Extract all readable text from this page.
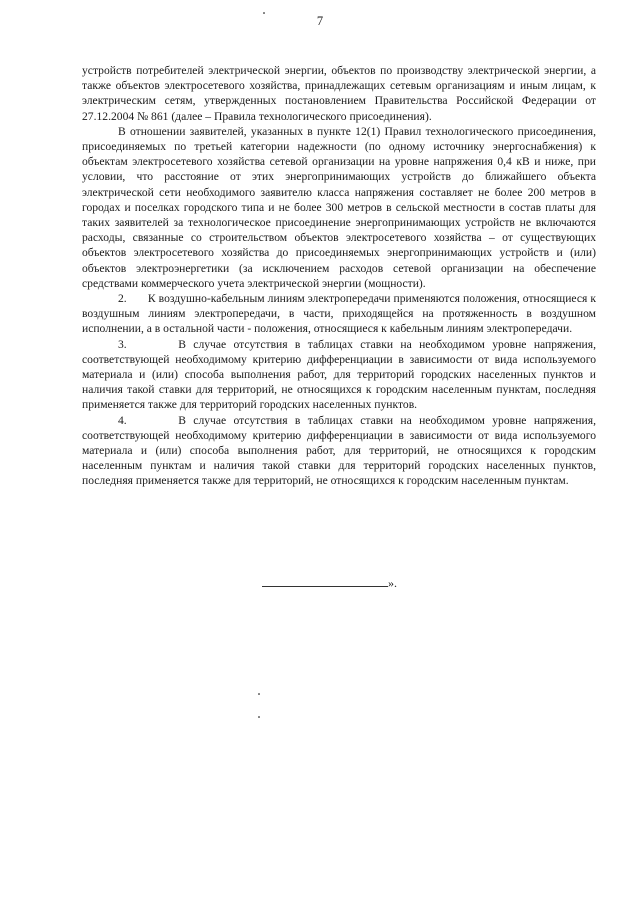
7

устройств потребителей электрической энергии, объектов по производству электрической энергии, а также объектов электросетевого хозяйства, принадлежащих сетевым организациям и иным лицам, к электрическим сетям, утвержденных постановлением Правительства Российской Федерации от 27.12.2004 № 861 (далее – Правила технологического присоединения).

В отношении заявителей, указанных в пункте 12(1) Правил технологического присоединения, присоединяемых по третьей категории надежности (по одному источнику энергоснабжения) к объектам электросетевого хозяйства сетевой организации на уровне напряжения 0,4 кВ и ниже, при условии, что расстояние от этих энергопринимающих устройств до ближайшего объекта электрической сети необходимого заявителю класса напряжения составляет не более 200 метров в городах и поселках городского типа и не более 300 метров в сельской местности в состав платы для таких заявителей за технологическое присоединение энергопринимающих устройств не включаются расходы, связанные со строительством объектов электросетевого хозяйства – от существующих объектов электросетевого хозяйства до присоединяемых энергопринимающих устройств и (или) объектов электроэнергетики (за исключением расходов сетевой организации на обеспечение средствами коммерческого учета электрической энергии (мощности).

2.       К воздушно-кабельным линиям электропередачи применяются положения, относящиеся к воздушным линиям электропередачи, в части, приходящейся на протяженность в воздушном исполнении, а в остальной части - положения, относящиеся к кабельным линиям электропередачи.

3.       В случае отсутствия в таблицах ставки на необходимом уровне напряжения, соответствующей необходимому критерию дифференциации в зависимости от вида используемого материала и (или) способа выполнения работ, для территорий городских населенных пунктов и наличия такой ставки для территорий, не относящихся к городским населенным пунктам, последняя применяется также для территорий городских населенных пунктов.

4.       В случае отсутствия в таблицах ставки на необходимом уровне напряжения, соответствующей необходимому критерию дифференциации в зависимости от вида используемого материала и (или) способа выполнения работ, для территорий, не относящихся к городским населенным пунктам и наличия такой ставки для территорий городских населенных пунктов, последняя применяется также для территорий, не относящихся к городским населенным пунктам.

».
